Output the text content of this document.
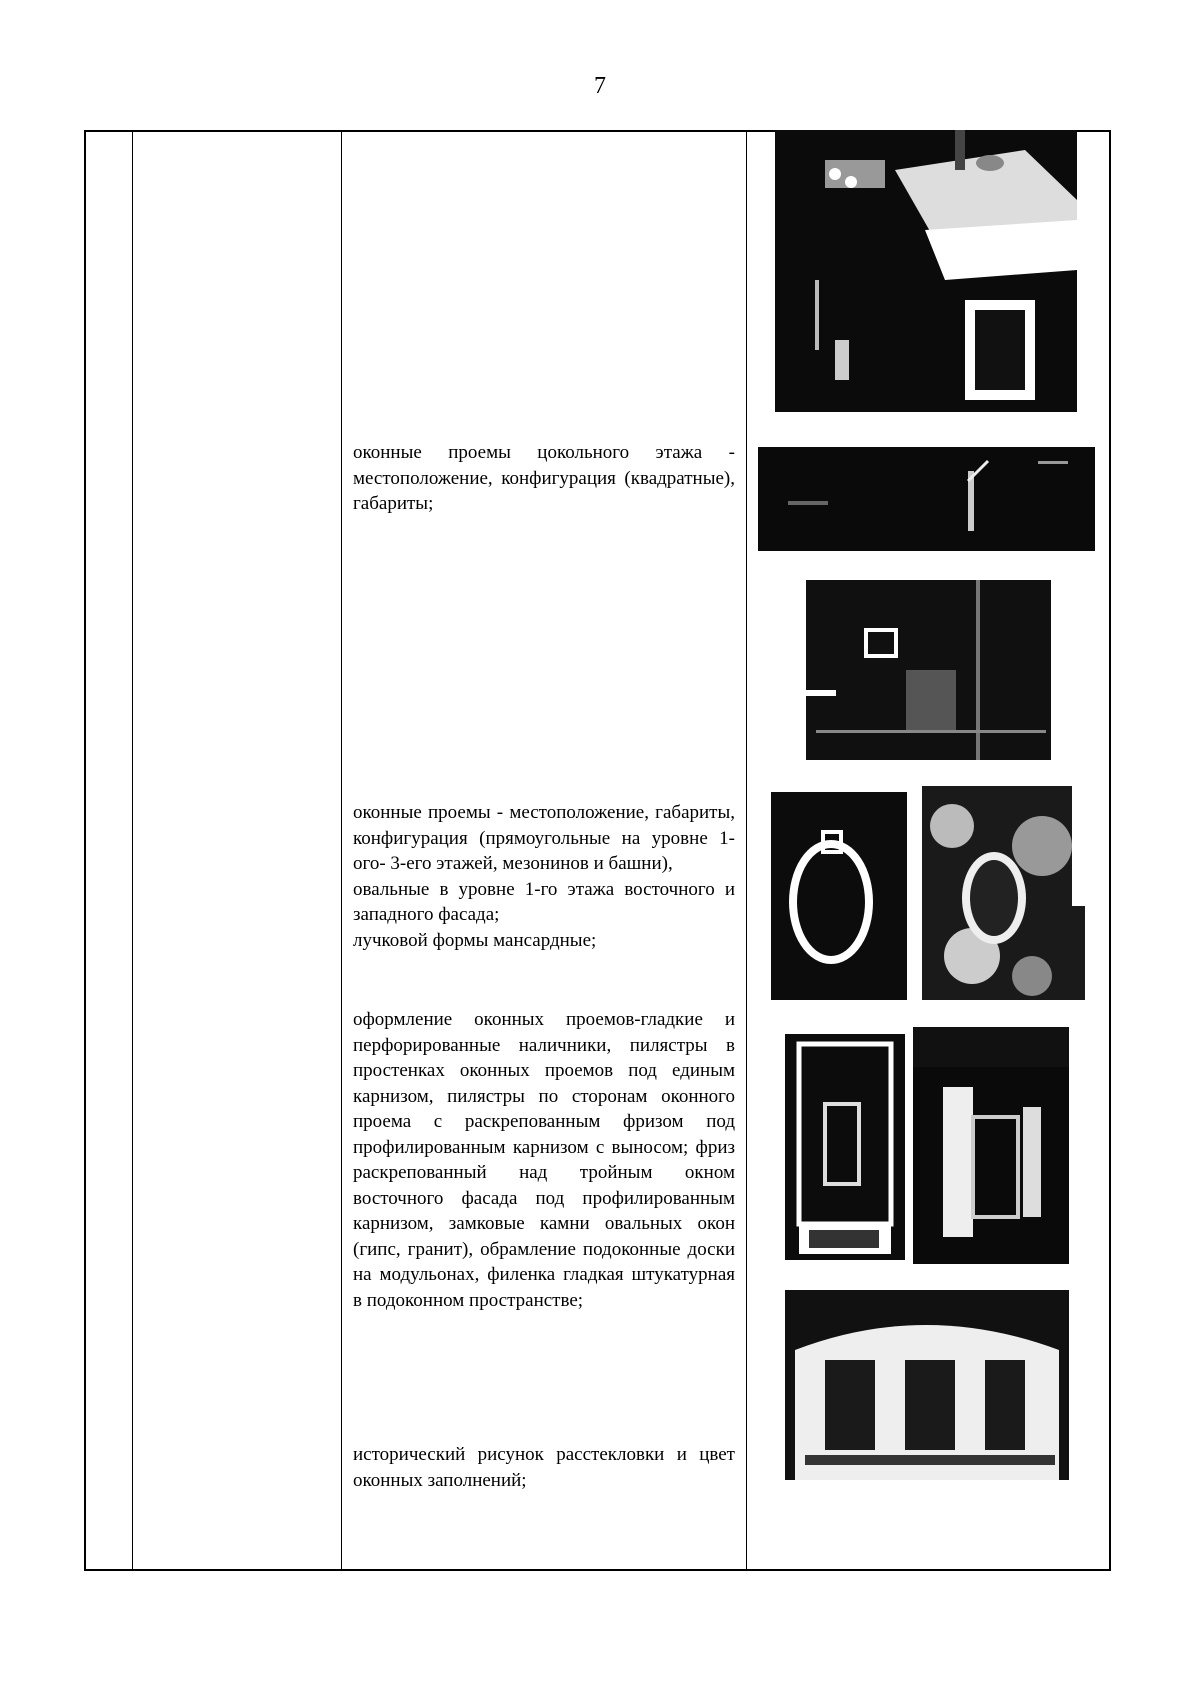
7
оконные проемы цокольного этажа - местоположение, конфигурация (квадратные), габариты;
оконные проемы - местоположение, габариты, конфигурация (прямоугольные на уровне 1-ого- 3-его этажей, мезонинов и башни),
овальные в уровне 1-го этажа восточного и западного фасада;
лучковой формы мансардные;
оформление оконных проемов-гладкие и перфорированные наличники, пилястры в простенках оконных проемов под единым карнизом, пилястры по сторонам оконного проема с раскрепованным фризом под профилированным карнизом с выносом; фриз раскрепованный над тройным окном восточного фасада под профилированным карнизом, замковые камни овальных окон (гипс, гранит), обрамление подоконные доски на модульонах, филенка гладкая штукатурная в подоконном пространстве;
исторический рисунок расстекловки и цвет оконных заполнений;
